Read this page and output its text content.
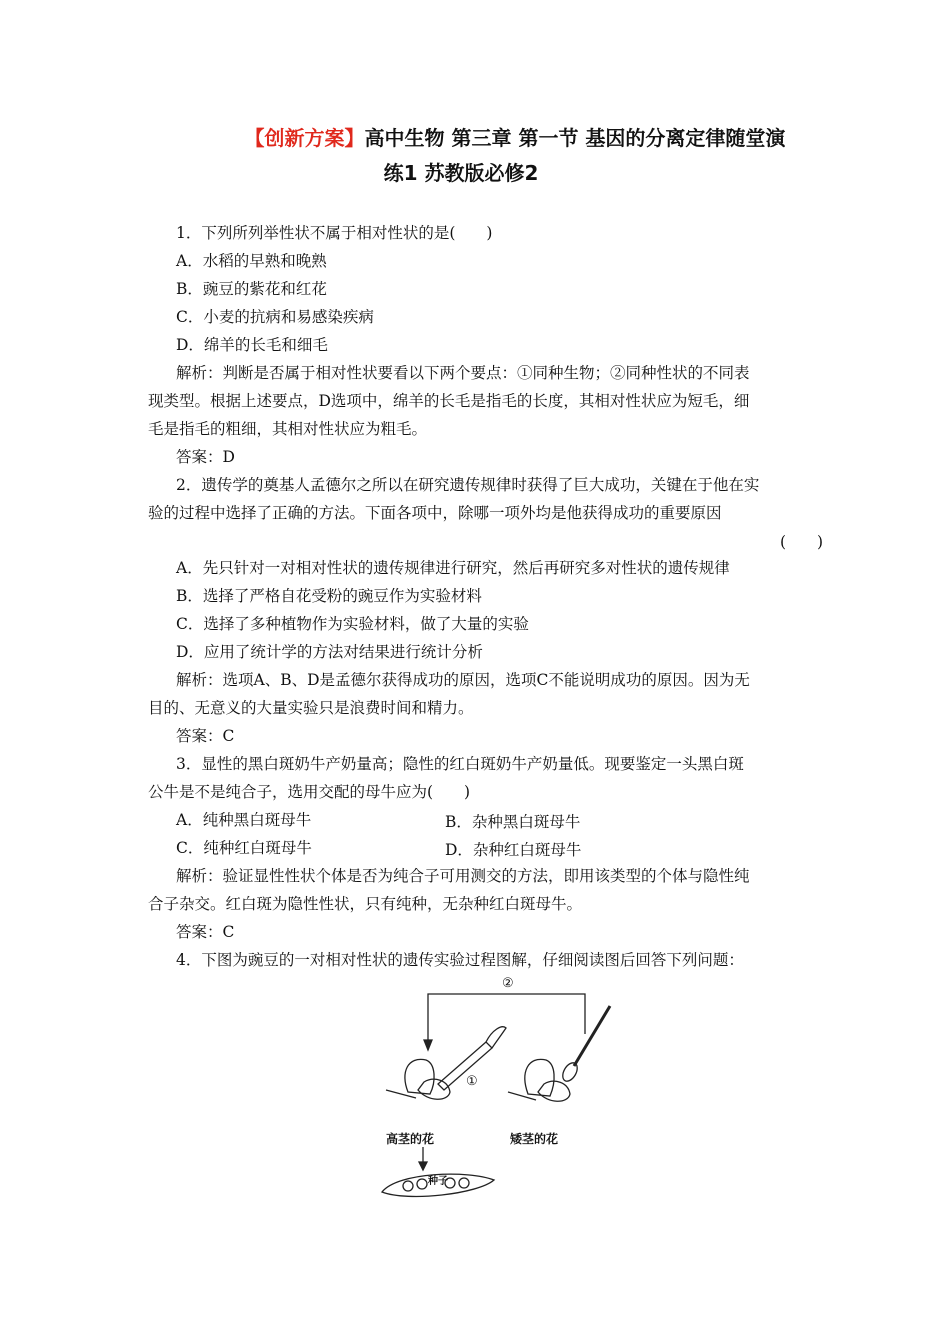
【创新方案】高中生物 第三章 第一节 基因的分离定律随堂演
练1 苏教版必修2
1．下列所列举性状不属于相对性状的是(　　)
A．水稻的早熟和晚熟
B．豌豆的紫花和红花
C．小麦的抗病和易感染疾病
D．绵羊的长毛和细毛
解析：判断是否属于相对性状要看以下两个要点：①同种生物；②同种性状的不同表
现类型。根据上述要点，D选项中，绵羊的长毛是指毛的长度，其相对性状应为短毛，细
毛是指毛的粗细，其相对性状应为粗毛。
答案：D
2．遗传学的奠基人孟德尔之所以在研究遗传规律时获得了巨大成功，关键在于他在实
验的过程中选择了正确的方法。下面各项中，除哪一项外均是他获得成功的重要原因
(　　)
A．先只针对一对相对性状的遗传规律进行研究，然后再研究多对性状的遗传规律
B．选择了严格自花受粉的豌豆作为实验材料
C．选择了多种植物作为实验材料，做了大量的实验
D．应用了统计学的方法对结果进行统计分析
解析：选项A、B、D是孟德尔获得成功的原因，选项C不能说明成功的原因。因为无
目的、无意义的大量实验只是浪费时间和精力。
答案：C
3．显性的黑白斑奶牛产奶量高；隐性的红白斑奶牛产奶量低。现要鉴定一头黑白斑
公牛是不是纯合子，选用交配的母牛应为(　　)
A．纯种黑白斑母牛	B．杂种黑白斑母牛
C．纯种红白斑母牛	D．杂种红白斑母牛
解析：验证显性性状个体是否为纯合子可用测交的方法，即用该类型的个体与隐性纯
合子杂交。红白斑为隐性性状，只有纯种，无杂种红白斑母牛。
答案：C
4．下图为豌豆的一对相对性状的遗传实验过程图解，仔细阅读图后回答下列问题：
②
①
高茎的花	矮茎的花
种子
